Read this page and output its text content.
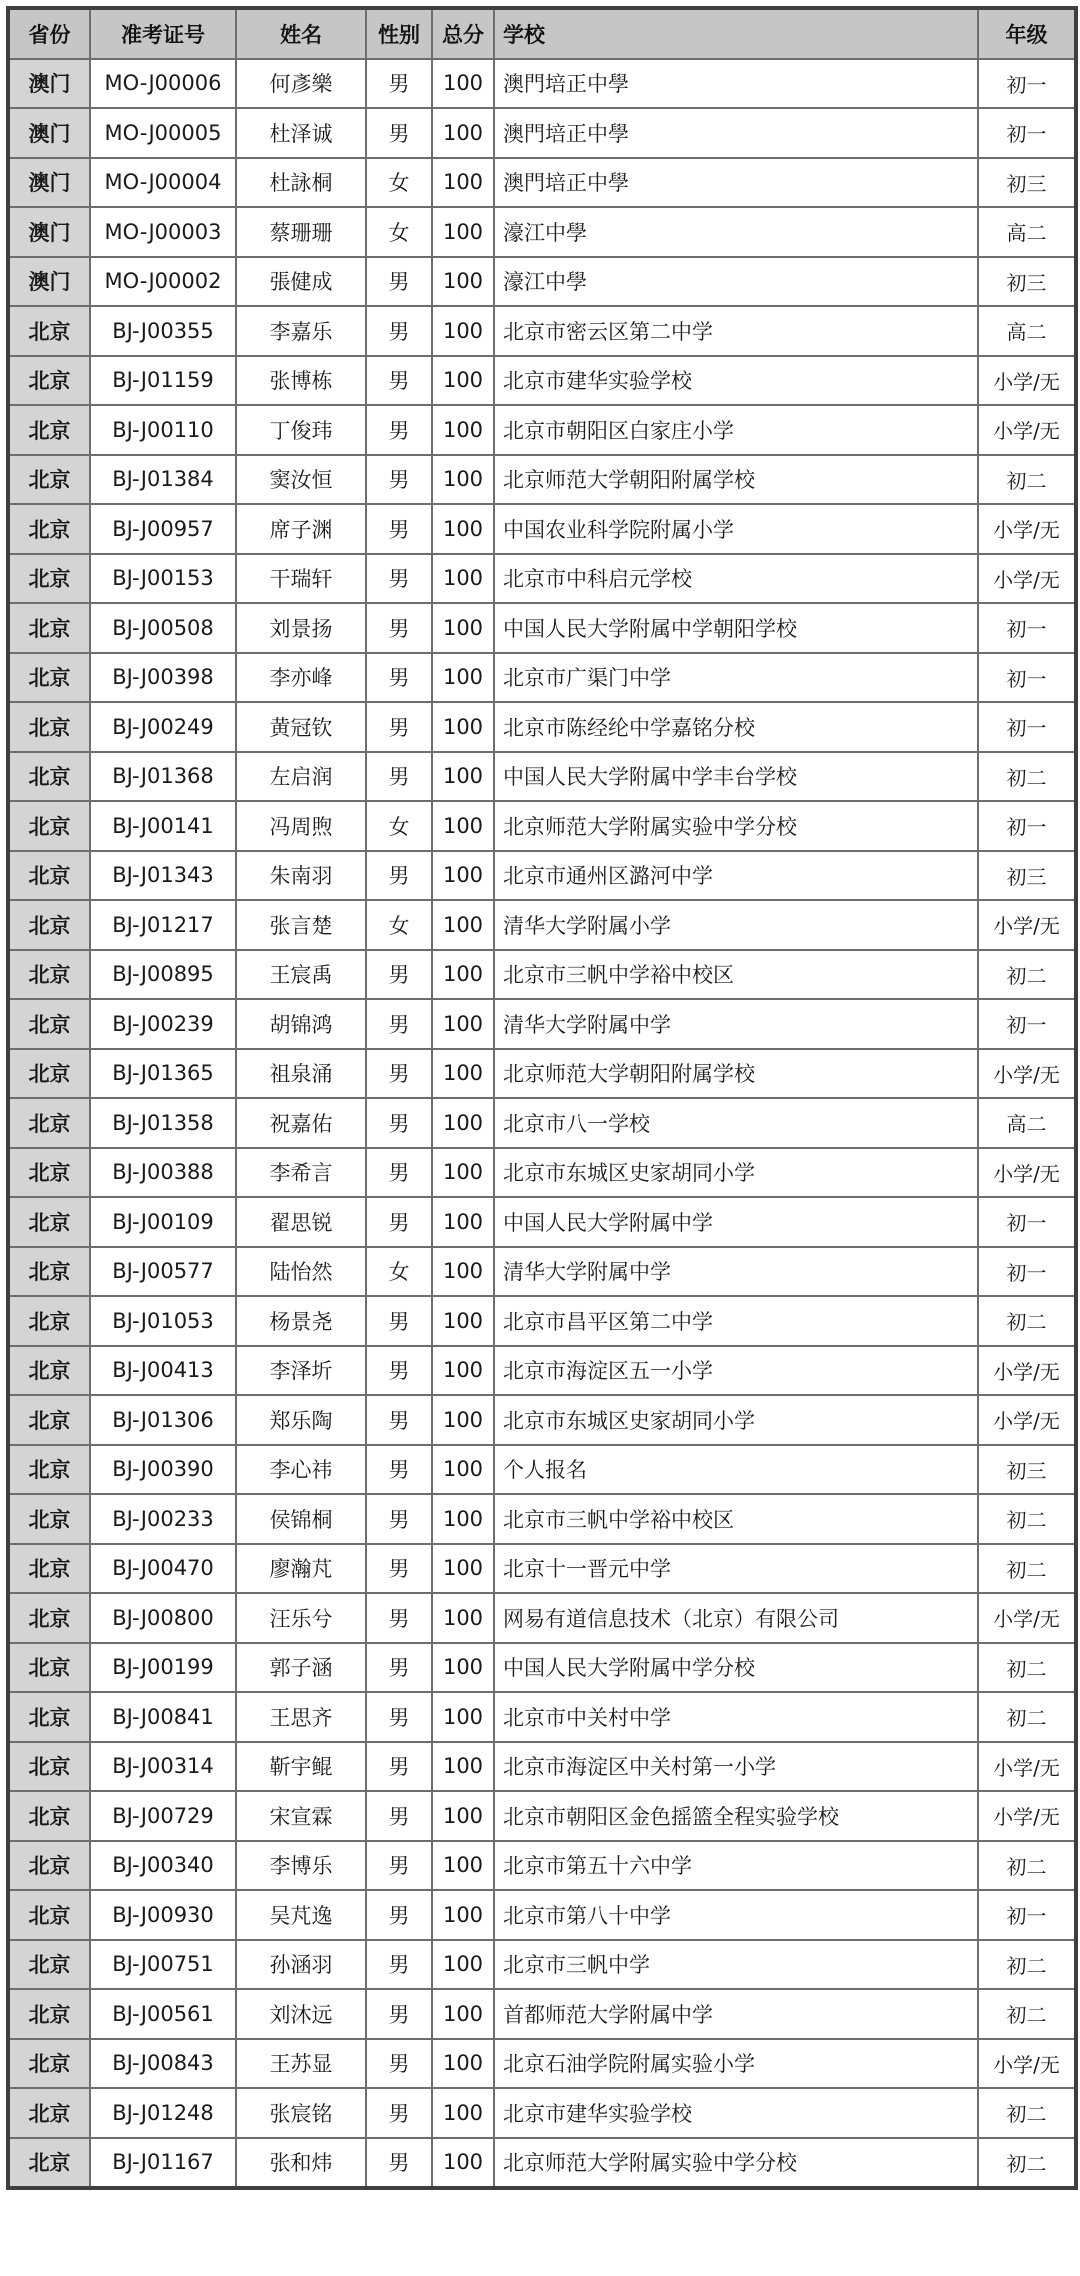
省份	准考证号	姓名	性别	总分	学校	年级
澳门	MO-J00006	何彥樂	男	100	澳門培正中學	初一
澳门	MO-J00005	杜泽诚	男	100	澳門培正中學	初一
澳门	MO-J00004	杜詠桐	女	100	澳門培正中學	初三
澳门	MO-J00003	蔡珊珊	女	100	濠江中學	高二
澳门	MO-J00002	張健成	男	100	濠江中學	初三
北京	BJ-J00355	李嘉乐	男	100	北京市密云区第二中学	高二
北京	BJ-J01159	张博栋	男	100	北京市建华实验学校	小学/无
北京	BJ-J00110	丁俊玮	男	100	北京市朝阳区白家庄小学	小学/无
北京	BJ-J01384	窦汝恒	男	100	北京师范大学朝阳附属学校	初二
北京	BJ-J00957	席子渊	男	100	中国农业科学院附属小学	小学/无
北京	BJ-J00153	干瑞轩	男	100	北京市中科启元学校	小学/无
北京	BJ-J00508	刘景扬	男	100	中国人民大学附属中学朝阳学校	初一
北京	BJ-J00398	李亦峰	男	100	北京市广渠门中学	初一
北京	BJ-J00249	黄冠钦	男	100	北京市陈经纶中学嘉铭分校	初一
北京	BJ-J01368	左启润	男	100	中国人民大学附属中学丰台学校	初二
北京	BJ-J00141	冯周煦	女	100	北京师范大学附属实验中学分校	初一
北京	BJ-J01343	朱南羽	男	100	北京市通州区潞河中学	初三
北京	BJ-J01217	张言楚	女	100	清华大学附属小学	小学/无
北京	BJ-J00895	王宸禹	男	100	北京市三帆中学裕中校区	初二
北京	BJ-J00239	胡锦鸿	男	100	清华大学附属中学	初一
北京	BJ-J01365	祖泉涌	男	100	北京师范大学朝阳附属学校	小学/无
北京	BJ-J01358	祝嘉佑	男	100	北京市八一学校	高二
北京	BJ-J00388	李希言	男	100	北京市东城区史家胡同小学	小学/无
北京	BJ-J00109	翟思锐	男	100	中国人民大学附属中学	初一
北京	BJ-J00577	陆怡然	女	100	清华大学附属中学	初一
北京	BJ-J01053	杨景尧	男	100	北京市昌平区第二中学	初二
北京	BJ-J00413	李泽圻	男	100	北京市海淀区五一小学	小学/无
北京	BJ-J01306	郑乐陶	男	100	北京市东城区史家胡同小学	小学/无
北京	BJ-J00390	李心祎	男	100	个人报名	初三
北京	BJ-J00233	侯锦桐	男	100	北京市三帆中学裕中校区	初二
北京	BJ-J00470	廖瀚芃	男	100	北京十一晋元中学	初二
北京	BJ-J00800	汪乐兮	男	100	网易有道信息技术（北京）有限公司	小学/无
北京	BJ-J00199	郭子涵	男	100	中国人民大学附属中学分校	初二
北京	BJ-J00841	王思齐	男	100	北京市中关村中学	初二
北京	BJ-J00314	靳宇鲲	男	100	北京市海淀区中关村第一小学	小学/无
北京	BJ-J00729	宋宣霖	男	100	北京市朝阳区金色摇篮全程实验学校	小学/无
北京	BJ-J00340	李博乐	男	100	北京市第五十六中学	初二
北京	BJ-J00930	吴芃逸	男	100	北京市第八十中学	初一
北京	BJ-J00751	孙涵羽	男	100	北京市三帆中学	初二
北京	BJ-J00561	刘沐远	男	100	首都师范大学附属中学	初二
北京	BJ-J00843	王苏显	男	100	北京石油学院附属实验小学	小学/无
北京	BJ-J01248	张宸铭	男	100	北京市建华实验学校	初二
北京	BJ-J01167	张和炜	男	100	北京师范大学附属实验中学分校	初二
